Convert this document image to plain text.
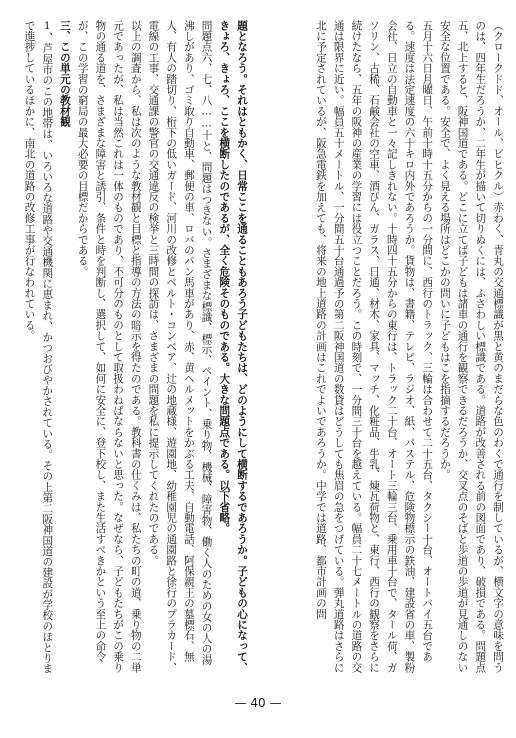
（クロークドド、オール、ビヒクル）赤わく、青丸の交通標識が黒と黄のまだらな色のわくで通行を制しているが、横文字の意味を問うのは、四年生だろうか、二年生が描いて切りぬくには、ふさわしい標識である。道路が改善される前の図面であり、破損である。問題点五、北上すると、阪神国道である。どこに立てば子どもは諸車の通行を観察できるだろうか、交叉点のそばと歩道の歩道が見通しのない安全な位置である。安全で、よく見える場所はどこかの問いに子どもはこを指摘するだろうか。

五月十六日月曜日、午前十時十五分からの一分間に、西行のトラック、三輪は合わせて二十五台、タクシー十台、オートバイ五台である。速度は法定速度の六十キロ内外であろうか。貨物は、書籍、テレビ、ラジオ、紙、パステル、危険物標示の鉄油、建設省の車、製粉会社、日立の自動車と一々記しきれない。十時四十五分からの東行は、トラック二十台、オート三輪三台、乗用車十台で、タール荷、ガソリン、古稀、石鹸会社の空車、酒びん、ガラス、日通、材木、家具、マッチ、化粧品、牛乳、煉瓦荷物と、東行、西行の観察をさらに続けたなら、五年の阪神の産業の学習には役立つことだろう。この時刻で、一分間三十台を越えている。幅員二十七メートルの道路の交通は限界に近い。幅員五十メートル、一分間五十台通過予の第二阪神国道の数貸はどうしても焦眉の急をつげている。弾丸道路はさらに北に予定されているが、阪急電鉄を加えても、将来の地上道路の計画はこれでよいであろうか。中学では道路、都市計画の問

題となろう。それはともかく、日常ここを通ることもあろう子どもたちは、どのようにして横断するであろうか。子どもの心になって、きょろ、きょろ、ここを横断したのであるが、全く危険そのものである。大きな問題点である。以下省略。

問題点六、七、八……十と、問題はつきない。さまざまな標識、標示、ペイント、乗り物、機械、障害物、働く人のための女の人の湯沸しがあり、ゴミ取り自動車、郵便の車、ロバのパン馬車があり、赤、黄ヘルメットをかぶる工夫、自動電話、阿保親王の墓標石、無人、有人の踏切り、桁下の低いガード、河川の改修とベルト・コンベア、辻の地蔵様、遊園地、幼稚園児の通園路と徐行のプラカード、電線の工事、交通課の警官の交通違反の検挙と三時間の探訪は、さまざまの問題を私に提示してくれたのである。

以上の調査から、私は次のような教材観と目標と指導の方法の暗示を得たのである。教科書の仕くみは、私たちの町の道、乗り物の二単元であったが、私は当然これは一体のものであり、不可分のものとして取扱わねばならないと思った。なぜなら、子どもたちがこの乗り物の通る道を、さまざまな障害と誘引、条件と時を判断し、選択して、如何に安全に、登下校し、また生活すべきかという至上の命令が、この学習の窮局の最大必要の目標だからである。

三、この単元の教材観

1、芦屋市のこの地帯は、いろいろな道路や交通機関に恵まれ、かつおびやかされている。その上第二阪神国道の建設が学校のほとりまで進捗しているほかに、南北の道路の改修工事が行なわれている。

— 40 —
